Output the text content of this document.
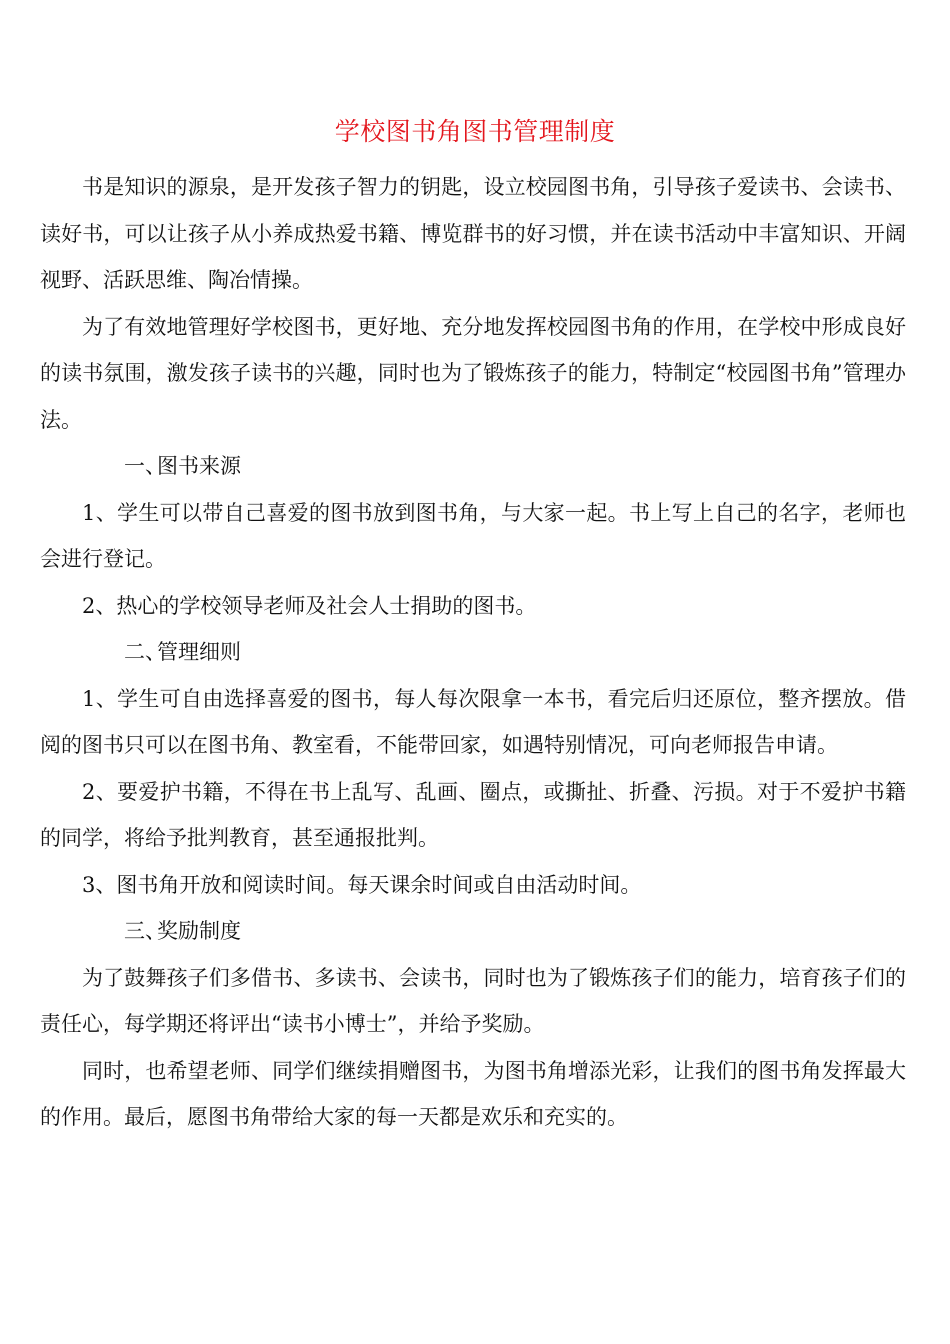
学校图书角图书管理制度

书是知识的源泉，是开发孩子智力的钥匙，设立校园图书角，引导孩子爱读书、会读书、读好书，可以让孩子从小养成热爱书籍、博览群书的好习惯，并在读书活动中丰富知识、开阔视野、活跃思维、陶冶情操。

为了有效地管理好学校图书，更好地、充分地发挥校园图书角的作用，在学校中形成良好的读书氛围，激发孩子读书的兴趣，同时也为了锻炼孩子的能力，特制定“校园图书角”管理办法。

一、图书来源

1、学生可以带自己喜爱的图书放到图书角，与大家一起。书上写上自己的名字，老师也会进行登记。

2、热心的学校领导老师及社会人士捐助的图书。

二、管理细则

1、学生可自由选择喜爱的图书，每人每次限拿一本书，看完后归还原位，整齐摆放。借阅的图书只可以在图书角、教室看，不能带回家，如遇特别情况，可向老师报告申请。

2、要爱护书籍，不得在书上乱写、乱画、圈点，或撕扯、折叠、污损。对于不爱护书籍的同学，将给予批判教育，甚至通报批判。

3、图书角开放和阅读时间。每天课余时间或自由活动时间。

三、奖励制度

为了鼓舞孩子们多借书、多读书、会读书，同时也为了锻炼孩子们的能力，培育孩子们的责任心，每学期还将评出“读书小博士”，并给予奖励。

同时，也希望老师、同学们继续捐赠图书，为图书角增添光彩，让我们的图书角发挥最大的作用。最后，愿图书角带给大家的每一天都是欢乐和充实的。
